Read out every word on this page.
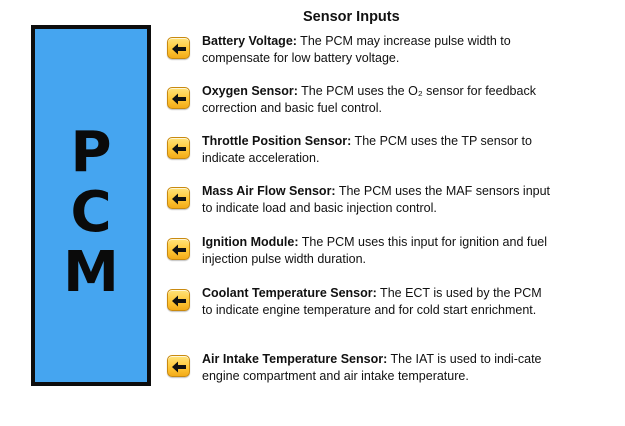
P
C
M
Sensor Inputs
Battery Voltage: The PCM may increase pulse width to compensate for low battery voltage.
Oxygen Sensor: The PCM uses the O₂ sensor for feedback correction and basic fuel control.
Throttle Position Sensor: The PCM uses the TP sensor to indicate acceleration.
Mass Air Flow Sensor: The PCM uses the MAF sensors input to indicate load and basic injection control.
Ignition Module: The PCM uses this input for ignition and fuel injection pulse width duration.
Coolant Temperature Sensor: The ECT is used by the PCM to indicate engine temperature and for cold start enrichment.
Air Intake Temperature Sensor: The IAT is used to indi-cate engine compartment and air intake temperature.
